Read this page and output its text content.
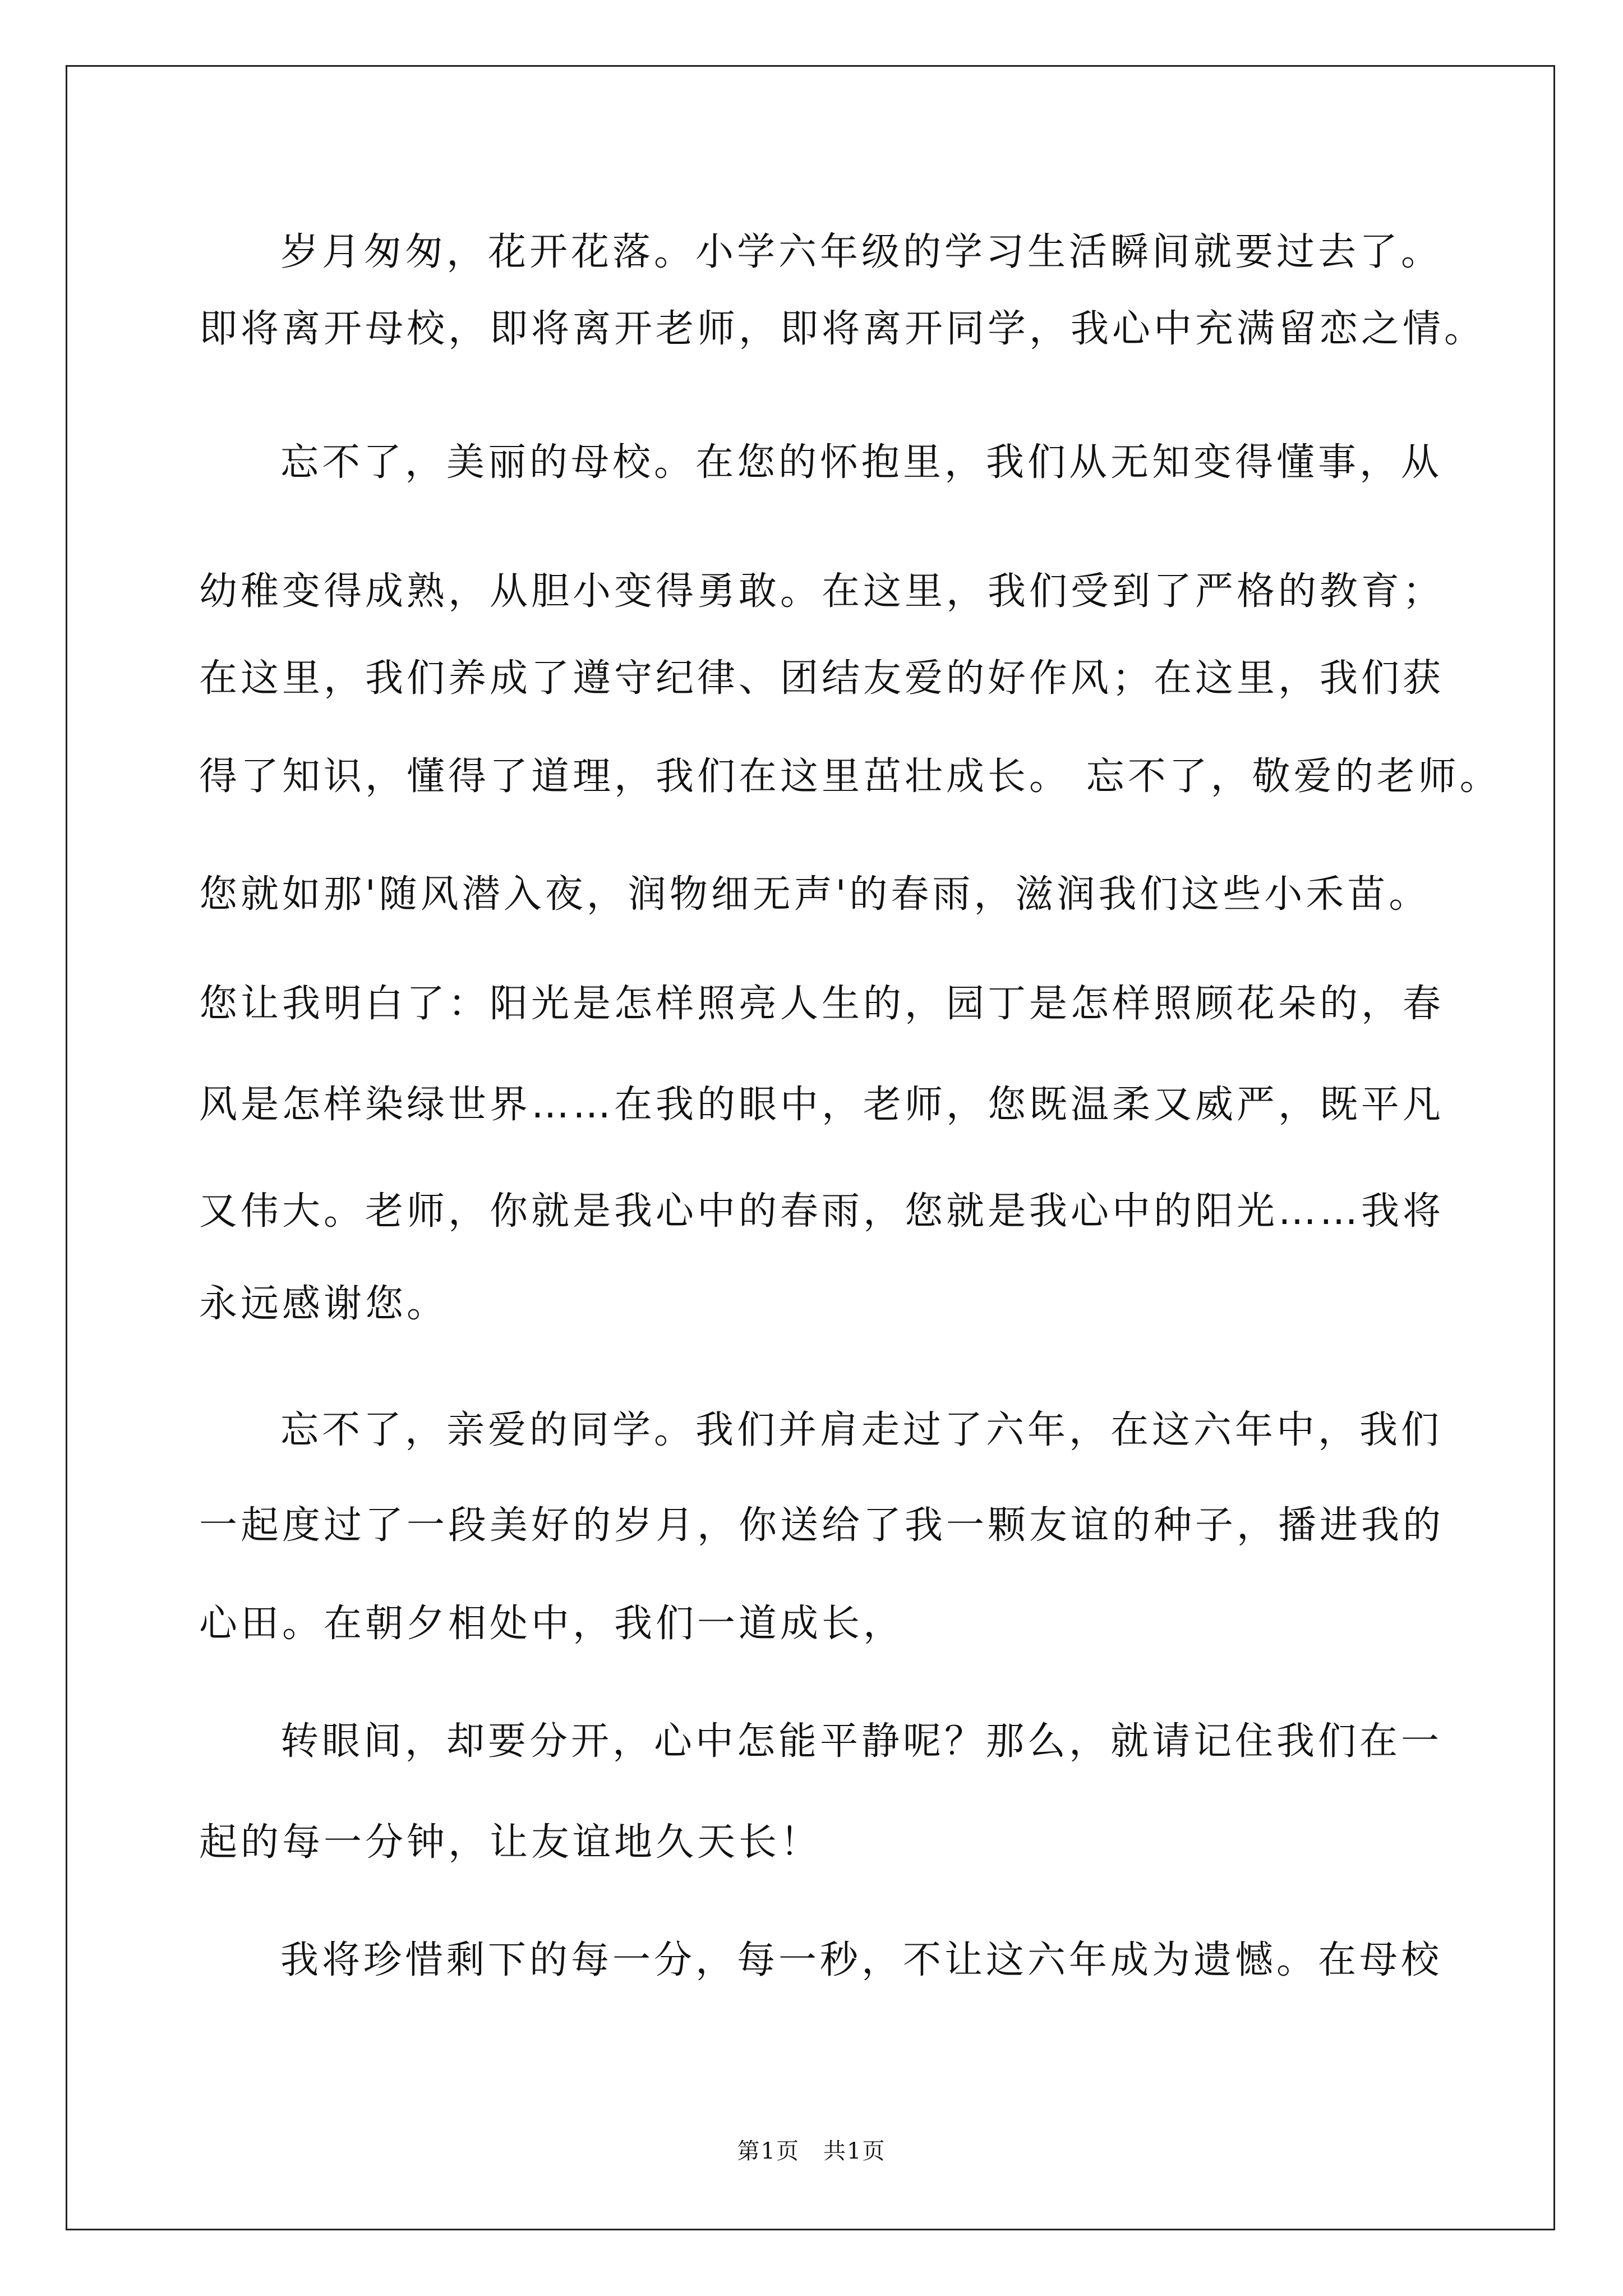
岁月匆匆，花开花落。小学六年级的学习生活瞬间就要过去了。
即将离开母校，即将离开老师，即将离开同学，我心中充满留恋之情。
忘不了，美丽的母校。在您的怀抱里，我们从无知变得懂事，从
幼稚变得成熟，从胆小变得勇敢。在这里，我们受到了严格的教育；
在这里，我们养成了遵守纪律、团结友爱的好作风；在这里，我们获
得了知识，懂得了道理，我们在这里茁壮成长。 忘不了，敬爱的老师。
您就如那'随风潜入夜，润物细无声'的春雨，滋润我们这些小禾苗。
您让我明白了：阳光是怎样照亮人生的，园丁是怎样照顾花朵的，春
风是怎样染绿世界……在我的眼中，老师，您既温柔又威严，既平凡
又伟大。老师，你就是我心中的春雨，您就是我心中的阳光……我将
永远感谢您。
忘不了，亲爱的同学。我们并肩走过了六年，在这六年中，我们
一起度过了一段美好的岁月，你送给了我一颗友谊的种子，播进我的
心田。在朝夕相处中，我们一道成长，
转眼间，却要分开，心中怎能平静呢？那么，就请记住我们在一
起的每一分钟，让友谊地久天长！
我将珍惜剩下的每一分，每一秒，不让这六年成为遗憾。在母校
第1页　共1页
